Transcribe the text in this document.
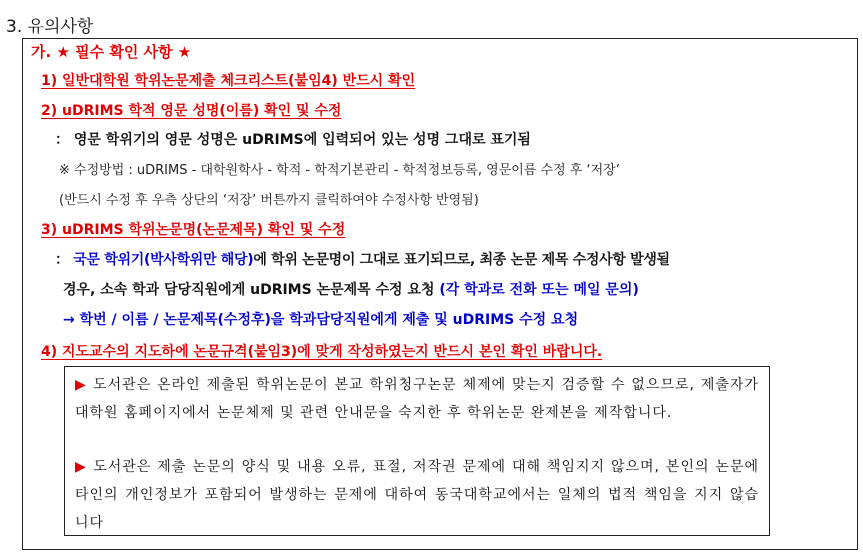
3. 유의사항
가. ★ 필수 확인 사항 ★
1) 일반대학원 학위논문제출 체크리스트(붙임4) 반드시 확인
2) uDRIMS 학적 영문 성명(이름) 확인 및 수정
： 영문 학위기의 영문 성명은 uDRIMS에 입력되어 있는 성명 그대로 표기됨
※ 수정방법 : uDRIMS - 대학원학사 - 학적 - 학적기본관리 - 학적정보등록, 영문이름 수정 후 ‘저장’
(반드시 수정 후 우측 상단의 ‘저장’ 버튼까지 클릭하여야 수정사항 반영됨)
3) uDRIMS 학위논문명(논문제목) 확인 및 수정
： 국문 학위기(박사학위만 해당)에 학위 논문명이 그대로 표기되므로, 최종 논문 제목 수정사항 발생될
경우, 소속 학과 담당직원에게 uDRIMS 논문제목 수정 요청 (각 학과로 전화 또는 메일 문의)
→ 학번 / 이름 / 논문제목(수정후)을 학과담당직원에게 제출 및 uDRIMS 수정 요청
4) 지도교수의 지도하에 논문규격(붙임3)에 맞게 작성하였는지 반드시 본인 확인 바랍니다.
▶ 도서관은 온라인 제출된 학위논문이 본교 학위청구논문 체제에 맞는지 검증할 수 없으므로, 제출자가 대학원 홈페이지에서 논문체제 및 관련 안내문을 숙지한 후 학위논문 완제본을 제작합니다.
▶ 도서관은 제출 논문의 양식 및 내용 오류, 표절, 저작권 문제에 대해 책임지지 않으며, 본인의 논문에 타인의 개인정보가 포함되어 발생하는 문제에 대하여 동국대학교에서는 일체의 법적 책임을 지지 않습니다
